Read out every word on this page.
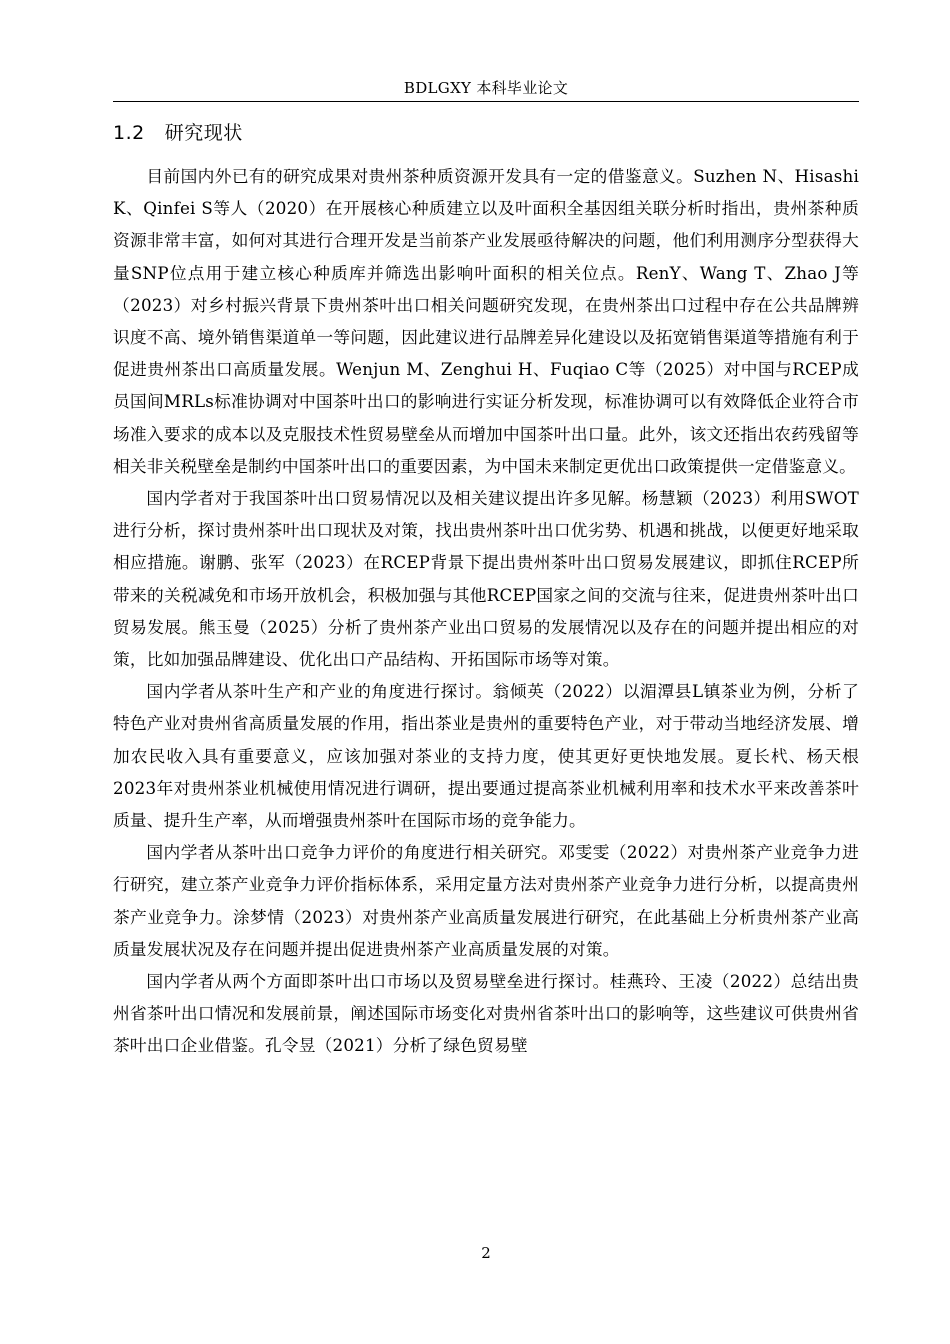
BDLGXY 本科毕业论文
1.2 研究现状

目前国内外已有的研究成果对贵州茶种质资源开发具有一定的借鉴意义。Suzhen N、Hisashi K、Qinfei S等人（2020）在开展核心种质建立以及叶面积全基因组关联分析时指出，贵州茶种质资源非常丰富，如何对其进行合理开发是当前茶产业发展亟待解决的问题，他们利用测序分型获得大量SNP位点用于建立核心种质库并筛选出影响叶面积的相关位点。RenY、Wang T、Zhao J等（2023）对乡村振兴背景下贵州茶叶出口相关问题研究发现，在贵州茶出口过程中存在公共品牌辨识度不高、境外销售渠道单一等问题，因此建议进行品牌差异化建设以及拓宽销售渠道等措施有利于促进贵州茶出口高质量发展。Wenjun M、Zenghui H、Fuqiao C等（2025）对中国与RCEP成员国间MRLs标准协调对中国茶叶出口的影响进行实证分析发现，标准协调可以有效降低企业符合市场准入要求的成本以及克服技术性贸易壁垒从而增加中国茶叶出口量。此外，该文还指出农药残留等相关非关税壁垒是制约中国茶叶出口的重要因素，为中国未来制定更优出口政策提供一定借鉴意义。

国内学者对于我国茶叶出口贸易情况以及相关建议提出许多见解。杨慧颖（2023）利用SWOT进行分析，探讨贵州茶叶出口现状及对策，找出贵州茶叶出口优劣势、机遇和挑战，以便更好地采取相应措施。谢鹏、张军（2023）在RCEP背景下提出贵州茶叶出口贸易发展建议，即抓住RCEP所带来的关税减免和市场开放机会，积极加强与其他RCEP国家之间的交流与往来，促进贵州茶叶出口贸易发展。熊玉曼（2025）分析了贵州茶产业出口贸易的发展情况以及存在的问题并提出相应的对策，比如加强品牌建设、优化出口产品结构、开拓国际市场等对策。

国内学者从茶叶生产和产业的角度进行探讨。翁倾英（2022）以湄潭县L镇茶业为例，分析了特色产业对贵州省高质量发展的作用，指出茶业是贵州的重要特色产业，对于带动当地经济发展、增加农民收入具有重要意义，应该加强对茶业的支持力度，使其更好更快地发展。夏长杙、杨天根2023年对贵州茶业机械使用情况进行调研，提出要通过提高茶业机械利用率和技术水平来改善茶叶质量、提升生产率，从而增强贵州茶叶在国际市场的竞争能力。

国内学者从茶叶出口竞争力评价的角度进行相关研究。邓雯雯（2022）对贵州茶产业竞争力进行研究，建立茶产业竞争力评价指标体系，采用定量方法对贵州茶产业竞争力进行分析，以提高贵州茶产业竞争力。涂梦情（2023）对贵州茶产业高质量发展进行研究，在此基础上分析贵州茶产业高质量发展状况及存在问题并提出促进贵州茶产业高质量发展的对策。

国内学者从两个方面即茶叶出口市场以及贸易壁垒进行探讨。桂燕玲、王凌（2022）总结出贵州省茶叶出口情况和发展前景，阐述国际市场变化对贵州省茶叶出口的影响等，这些建议可供贵州省茶叶出口企业借鉴。孔令昱（2021）分析了绿色贸易壁

2
